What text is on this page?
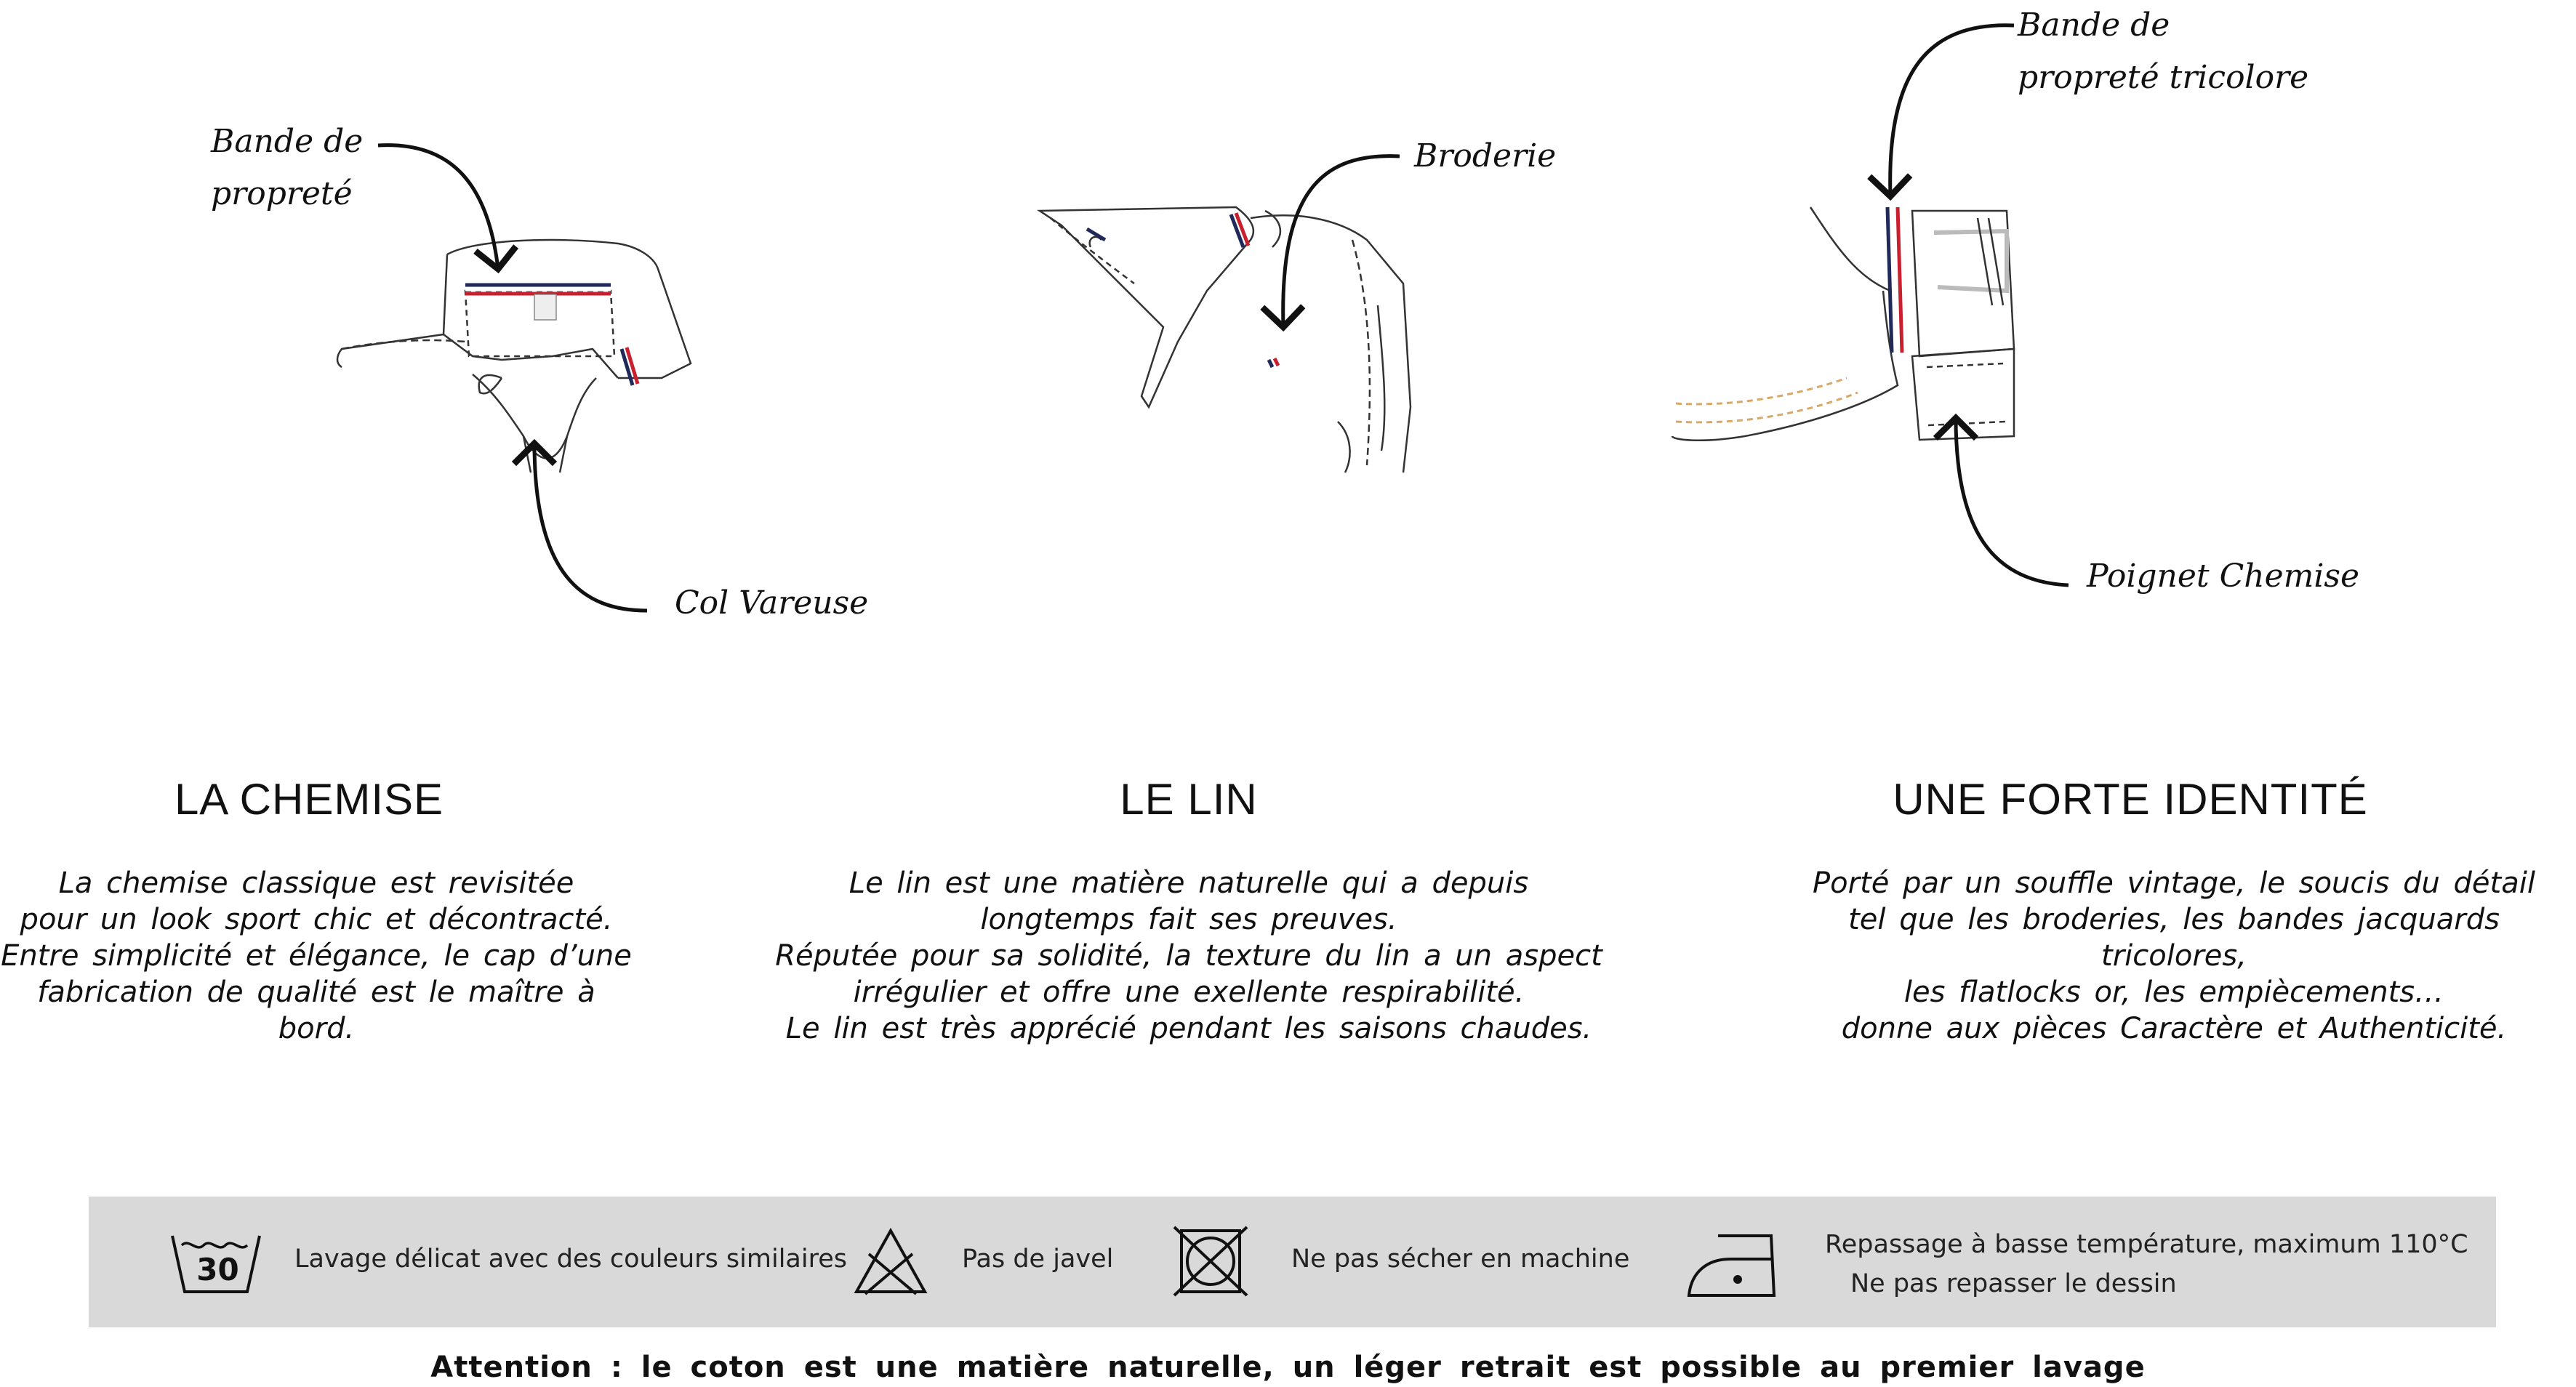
Bande de
propreté
Col Vareuse
Broderie
Bande de
propreté tricolore
Poignet Chemise
LA CHEMISE
La chemise classique est revisitée
pour un look sport chic et décontracté.
Entre simplicité et élégance, le cap d’une
fabrication de qualité est le maître à bord.
LE LIN
Le lin est une matière naturelle qui a depuis
longtemps fait ses preuves.
Réputée pour sa solidité, la texture du lin a un aspect
irrégulier et offre une exellente respirabilité.
Le lin est très apprécié pendant les saisons chaudes.
UNE FORTE IDENTITÉ
Porté par un souffle vintage, le soucis du détail
tel que les broderies, les bandes jacquards tricolores,
les flatlocks or, les empiècements…
donne aux pièces Caractère et Authenticité.
30 Lavage délicat avec des couleurs similaires	Pas de javel	Ne pas sécher en machine	Repassage à basse température, maximum 110°C
Ne pas repasser le dessin
Attention : le coton est une matière naturelle, un léger retrait est possible au premier lavage
